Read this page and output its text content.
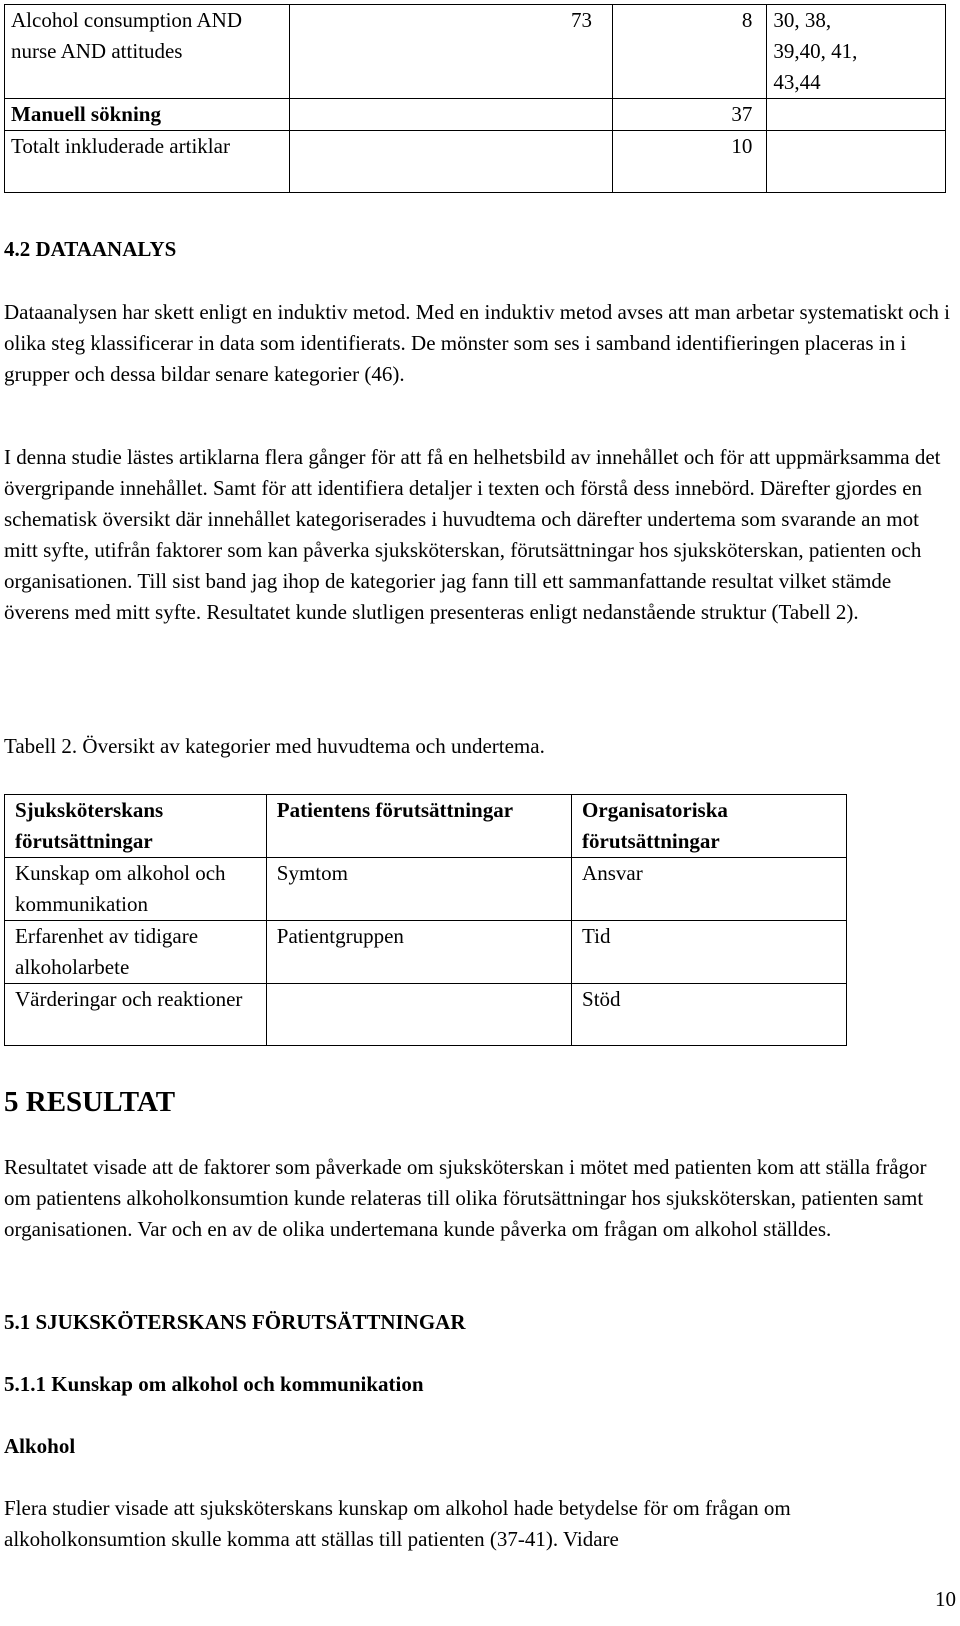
Alcohol consumption AND nurse AND attitudes	73	8	30, 38,
39,40, 41,
43,44

Manuell sökning		37	
Totalt inkluderade artiklar		10	
4.2 DATAANALYS

Dataanalysen har skett enligt en induktiv metod. Med en induktiv metod avses att man arbetar systematiskt och i olika steg klassificerar in data som identifierats. De mönster som ses i samband identifieringen placeras in i grupper och dessa bildar senare kategorier (46).

I denna studie lästes artiklarna flera gånger för att få en helhetsbild av innehållet och för att uppmärksamma det övergripande innehållet. Samt för att identifiera detaljer i texten och förstå dess innebörd. Därefter gjordes en schematisk översikt där innehållet kategoriserades i huvudtema och därefter undertema som svarande an mot mitt syfte, utifrån faktorer som kan påverka sjuksköterskan, förutsättningar hos sjuksköterskan, patienten och organisationen. Till sist band jag ihop de kategorier jag fann till ett sammanfattande resultat vilket stämde överens med mitt syfte. Resultatet kunde slutligen presenteras enligt nedanstående struktur (Tabell 2).

Tabell 2. Översikt av kategorier med huvudtema och undertema.
Sjuksköterskans förutsättningar	Patientens förutsättningar	Organisatoriska förutsättningar
Kunskap om alkohol och kommunikation	Symtom	Ansvar
Erfarenhet av tidigare alkoholarbete	Patientgruppen	Tid
Värderingar och reaktioner		Stöd
5 RESULTAT

Resultatet visade att de faktorer som påverkade om sjuksköterskan i mötet med patienten kom att ställa frågor om patientens alkoholkonsumtion kunde relateras till olika förutsättningar hos sjuksköterskan, patienten samt organisationen. Var och en av de olika undertemana kunde påverka om frågan om alkohol ställdes.

5.1 SJUKSKÖTERSKANS FÖRUTSÄTTNINGAR
5.1.1 Kunskap om alkohol och kommunikation
Alkohol

Flera studier visade att sjuksköterskans kunskap om alkohol hade betydelse för om frågan om alkoholkonsumtion skulle komma att ställas till patienten (37-41). Vidare

10
